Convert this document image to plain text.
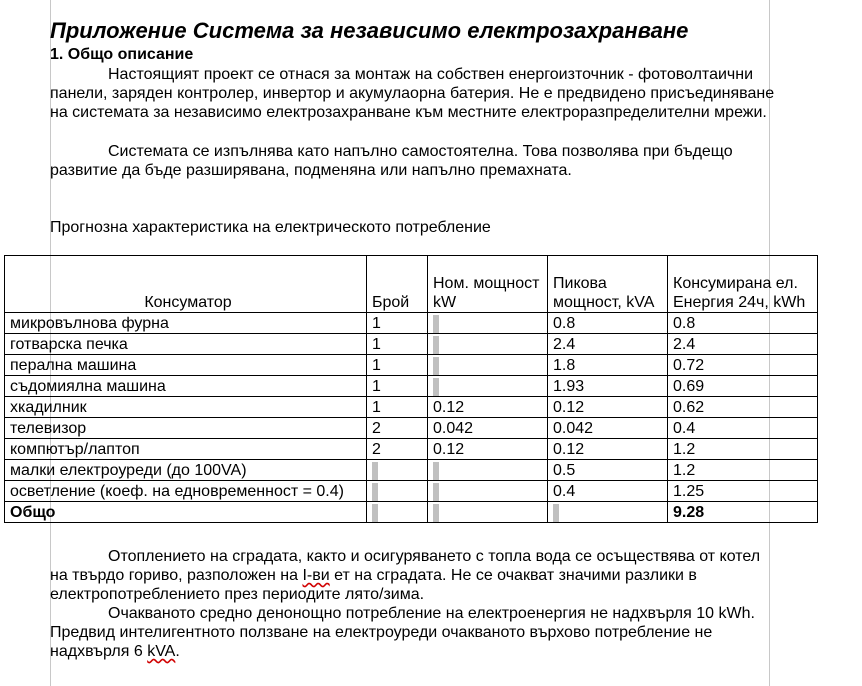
Приложение Система за независимо електрозахранване
1. Общо описание

Настоящият проект се отнася за монтаж на собствен енергоизточник - фотоволтаични панели, заряден контролер, инвертор и акумулаорна батерия. Не е предвидено присъединяване на системата за независимо електрозахранване към местните електроразпределителни мрежи.

Системата се изпълнява като напълно самостоятелна. Това позволява при бъдещо развитие да бъде разширявана, подменяна или напълно премахната.

Прогнозна характеристика на електрическото потребление

Консуматор	Брой	Ном. мощност kW	Пикова мощност, kVA	Консумирана ел. Енергия 24ч, kWh
микровълнова фурна	1		0.8	0.8
готварска печка	1		2.4	2.4
перална машина	1		1.8	0.72
съдомиялна машина	1		1.93	0.69
хкадилник	1	0.12	0.12	0.62
телевизор	2	0.042	0.042	0.4
компютър/лаптоп	2	0.12	0.12	1.2
малки електроуреди (до 100VA)			0.5	1.2
осветление (коеф. на едновременност = 0.4)			0.4	1.25
Общо				9.28

Отоплението на сградата, както и осигуряването с топла вода се осъществява от котел на твърдо гориво, разположен на I-ви ет на сградата. Не се очакват значими разлики в електропотреблението през периодите лято/зима.

Очакваното средно денонощно потребление на електроенергия не надхвърля 10 kWh. Предвид интелигентното ползване на електроуреди очакваното върхово потребление не надхвърля 6 kVA.
